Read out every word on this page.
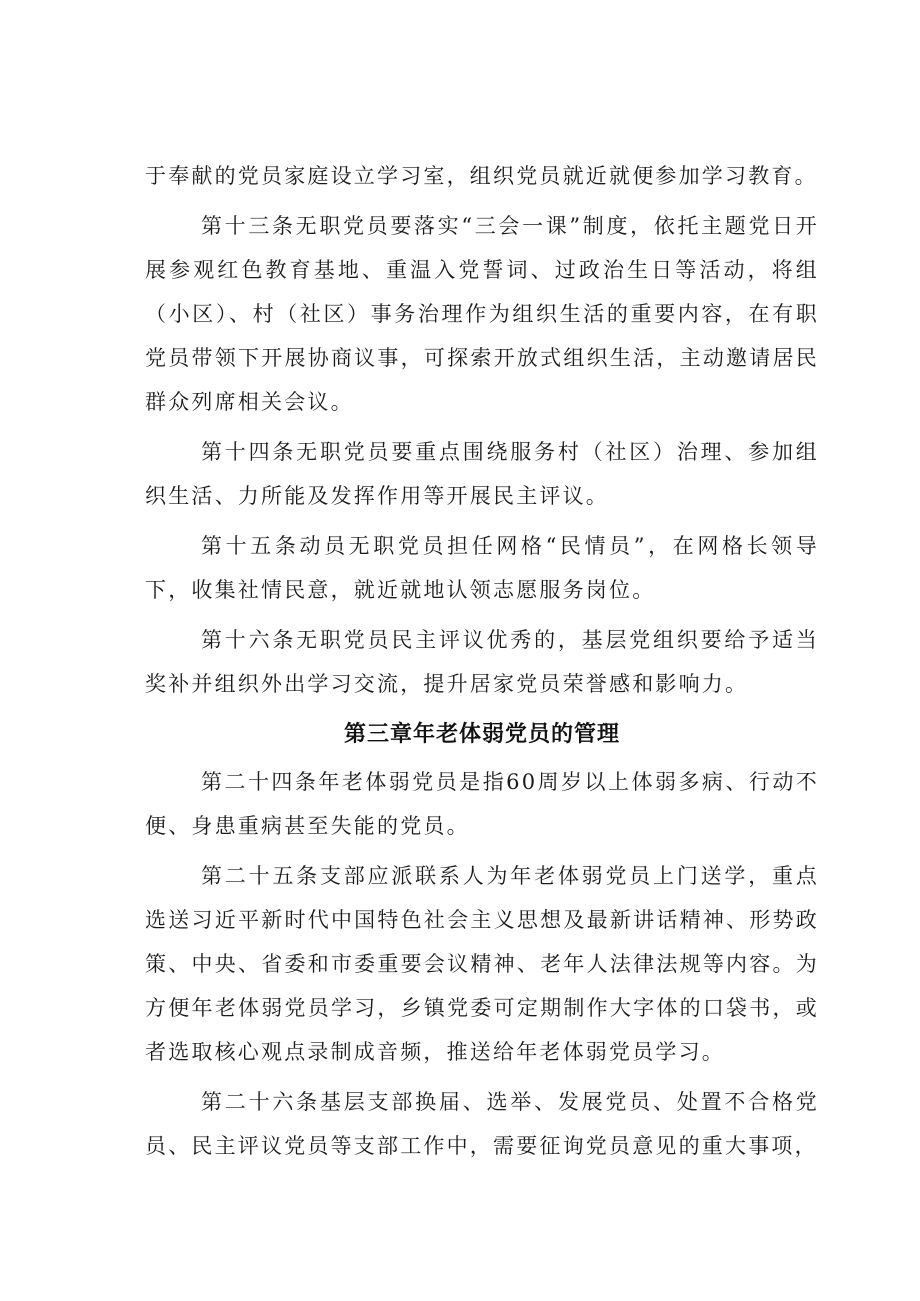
于奉献的党员家庭设立学习室，组织党员就近就便参加学习教育。

第十三条无职党员要落实“三会一课”制度，依托主题党日开展参观红色教育基地、重温入党誓词、过政治生日等活动，将组（小区）、村（社区）事务治理作为组织生活的重要内容，在有职党员带领下开展协商议事，可探索开放式组织生活，主动邀请居民群众列席相关会议。

第十四条无职党员要重点围绕服务村（社区）治理、参加组织生活、力所能及发挥作用等开展民主评议。

第十五条动员无职党员担任网格“民情员”，在网格长领导下，收集社情民意，就近就地认领志愿服务岗位。

第十六条无职党员民主评议优秀的，基层党组织要给予适当奖补并组织外出学习交流，提升居家党员荣誉感和影响力。

第三章年老体弱党员的管理

第二十四条年老体弱党员是指60周岁以上体弱多病、行动不便、身患重病甚至失能的党员。

第二十五条支部应派联系人为年老体弱党员上门送学，重点选送习近平新时代中国特色社会主义思想及最新讲话精神、形势政策、中央、省委和市委重要会议精神、老年人法律法规等内容。为方便年老体弱党员学习，乡镇党委可定期制作大字体的口袋书，或者选取核心观点录制成音频，推送给年老体弱党员学习。

第二十六条基层支部换届、选举、发展党员、处置不合格党员、民主评议党员等支部工作中，需要征询党员意见的重大事项，
